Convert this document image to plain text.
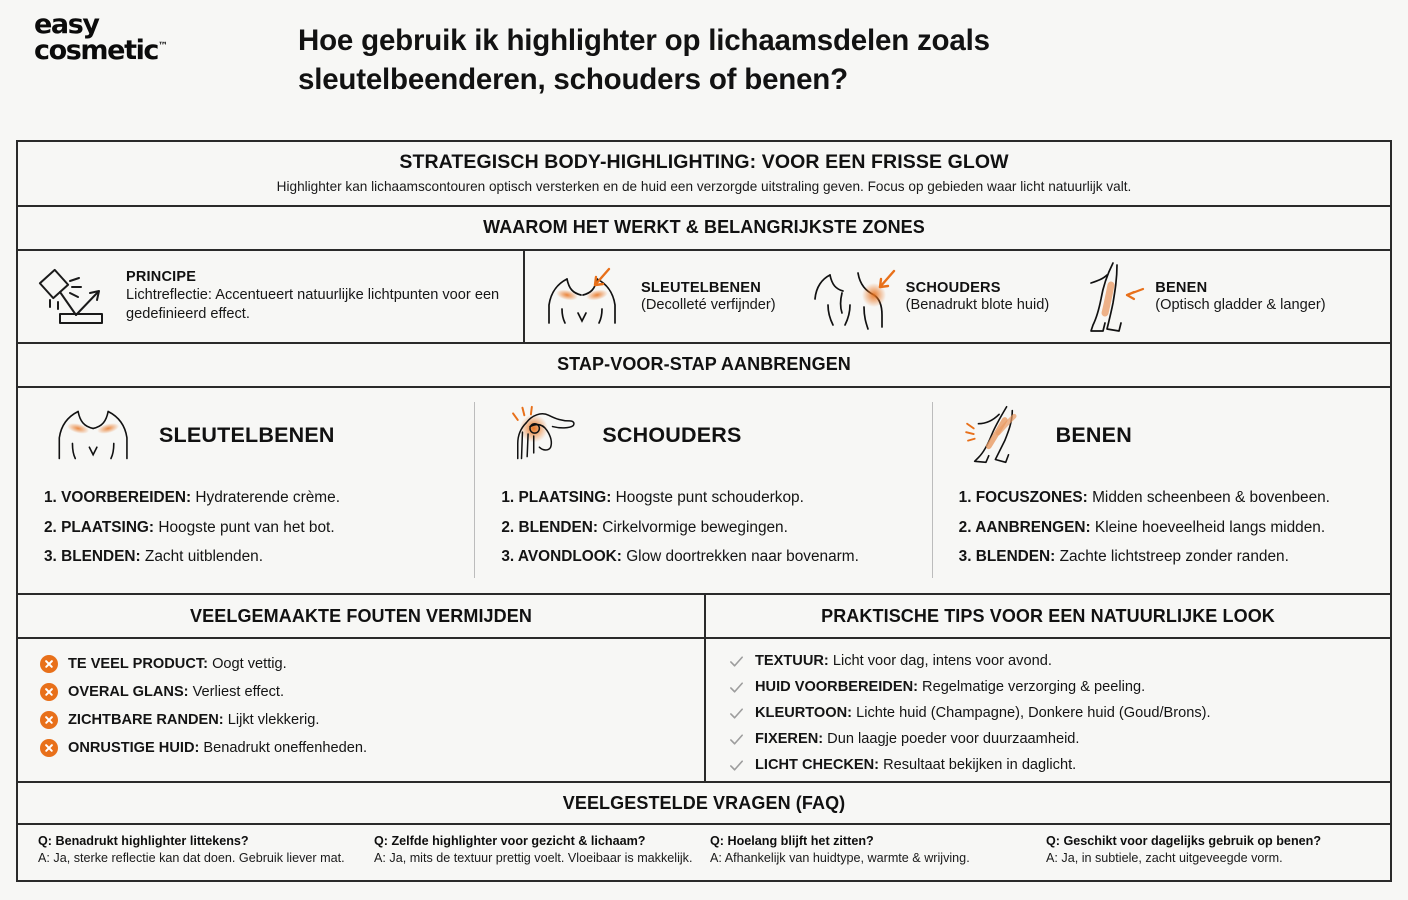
easy
cosmetic™	Hoe gebruik ik highlighter op lichaamsdelen zoals sleutelbeenderen, schouders of benen?
STRATEGISCH BODY-HIGHLIGHTING: VOOR EEN FRISSE GLOW
Highlighter kan lichaamscontouren optisch versterken en de huid een verzorgde uitstraling geven. Focus op gebieden waar licht natuurlijk valt.
WAAROM HET WERKT & BELANGRIJKSTE ZONES
PRINCIPE

Lichtreflectie: Accentueert natuurlijke lichtpunten voor een gedefinieerd effect.

SLEUTELBENEN

(Decolleté verfijnder)

SCHOUDERS

(Benadrukt blote huid)

BENEN

(Optisch gladder & langer)

STAP-VOOR-STAP AANBRENGEN
SLEUTELBENEN
1. VOORBEREIDEN: Hydraterende crème.
2. PLAATSING: Hoogste punt van het bot.
3. BLENDEN: Zacht uitblenden.
SCHOUDERS
1. PLAATSING: Hoogste punt schouderkop.
2. BLENDEN: Cirkelvormige bewegingen.
3. AVONDLOOK: Glow doortrekken naar bovenarm.
BENEN
1. FOCUSZONES: Midden scheenbeen & bovenbeen.
2. AANBRENGEN: Kleine hoeveelheid langs midden.
3. BLENDEN: Zachte lichtstreep zonder randen.
VEELGEMAAKTE FOUTEN VERMIJDEN	PRAKTISCHE TIPS VOOR EEN NATUURLIJKE LOOK
TE VEEL PRODUCT: Oogt vettig.
OVERAL GLANS: Verliest effect.
ZICHTBARE RANDEN: Lijkt vlekkerig.
ONRUSTIGE HUID: Benadrukt oneffenheden.
TEXTUUR: Licht voor dag, intens voor avond.
HUID VOORBEREIDEN: Regelmatige verzorging & peeling.
KLEURTOON: Lichte huid (Champagne), Donkere huid (Goud/Brons).
FIXEREN: Dun laagje poeder voor duurzaamheid.
LICHT CHECKEN: Resultaat bekijken in daglicht.
VEELGESTELDE VRAGEN (FAQ)
Q: Benadrukt highlighter littekens?
A: Ja, sterke reflectie kan dat doen. Gebruik liever mat.
Q: Zelfde highlighter voor gezicht & lichaam?
A: Ja, mits de textuur prettig voelt. Vloeibaar is makkelijk.
Q: Hoelang blijft het zitten?
A: Afhankelijk van huidtype, warmte & wrijving.
Q: Geschikt voor dagelijks gebruik op benen?
A: Ja, in subtiele, zacht uitgeveegde vorm.
